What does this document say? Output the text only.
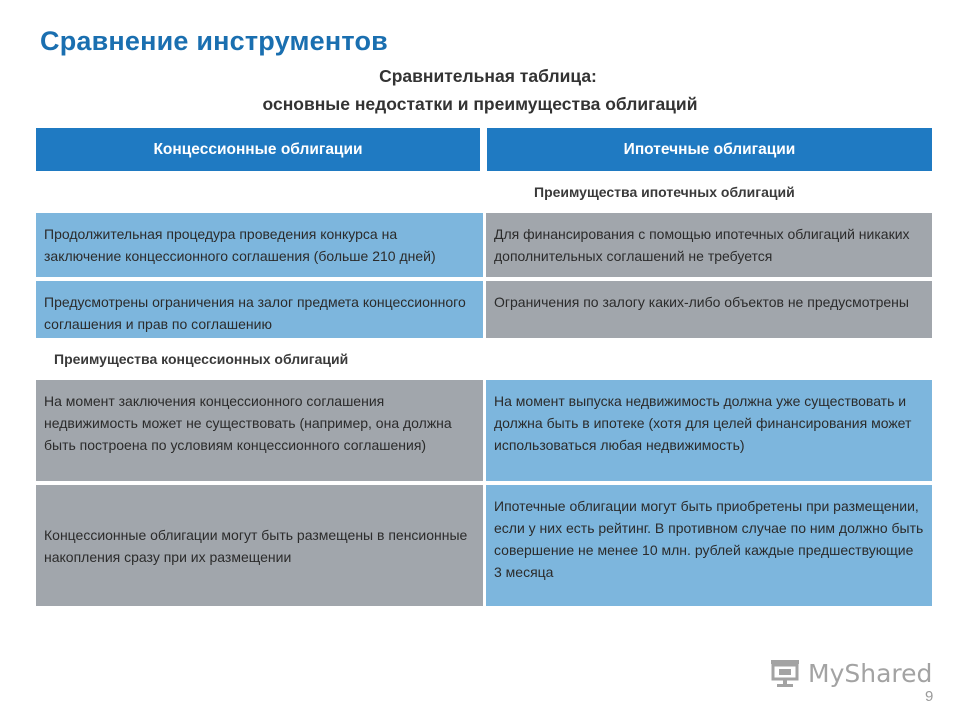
Сравнение инструментов
Сравнительная таблица:
основные недостатки и преимущества облигаций
Концессионные облигации	Ипотечные облигации
Преимущества ипотечных облигаций
Продолжительная процедура проведения конкурса на заключение концессионного соглашения (больше 210 дней)
Для финансирования с помощью ипотечных облигаций никаких дополнительных соглашений не требуется
Предусмотрены ограничения на залог предмета концессионного соглашения и прав по соглашению
Ограничения по залогу каких-либо объектов не предусмотрены
Преимущества концессионных облигаций
На момент заключения концессионного соглашения недвижимость может не существовать (например, она должна быть построена по условиям концессионного соглашения)
На момент выпуска недвижимость должна уже существовать и должна быть в ипотеке (хотя для целей финансирования может использоваться любая недвижимость)
Концессионные облигации могут быть размещены в пенсионные накопления сразу при их размещении
Ипотечные облигации могут быть приобретены при размещении, если у них есть рейтинг. В противном случае по ним должно быть совершение не менее 10 млн. рублей каждые предшествующие 3 месяца
MyShared
9
